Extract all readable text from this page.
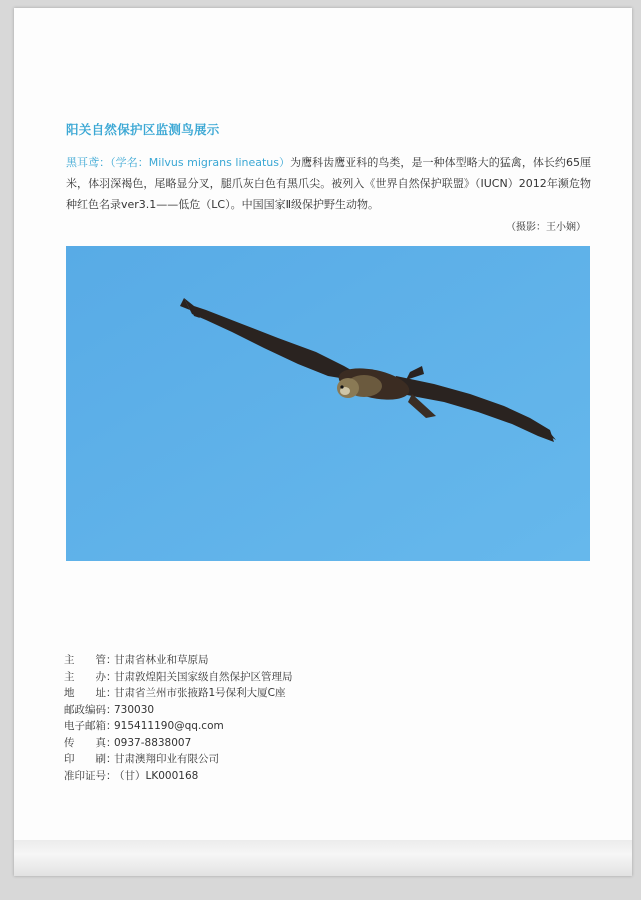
阳关自然保护区监测鸟展示
黑耳鸢：（学名：Milvus migrans lineatus）为鹰科齿鹰亚科的鸟类，是一种体型略大的猛禽，体长约65厘米，体羽深褐色，尾略显分叉，腿爪灰白色有黑爪尖。被列入《世界自然保护联盟》（IUCN）2012年濒危物种红色名录ver3.1——低危（LC）。中国国家Ⅱ级保护野生动物。
（摄影：王小娴）
主　　管：
甘肃省林业和草原局
主　　办：
甘肃敦煌阳关国家级自然保护区管理局
地　　址：
甘肃省兰州市张掖路1号保利大厦C座
邮政编码：
730030
电子邮箱：
915411190@qq.com
传　　真：
0937-8838007
印　　刷：
甘肃澳翔印业有限公司
准印证号：
（甘）LK000168
